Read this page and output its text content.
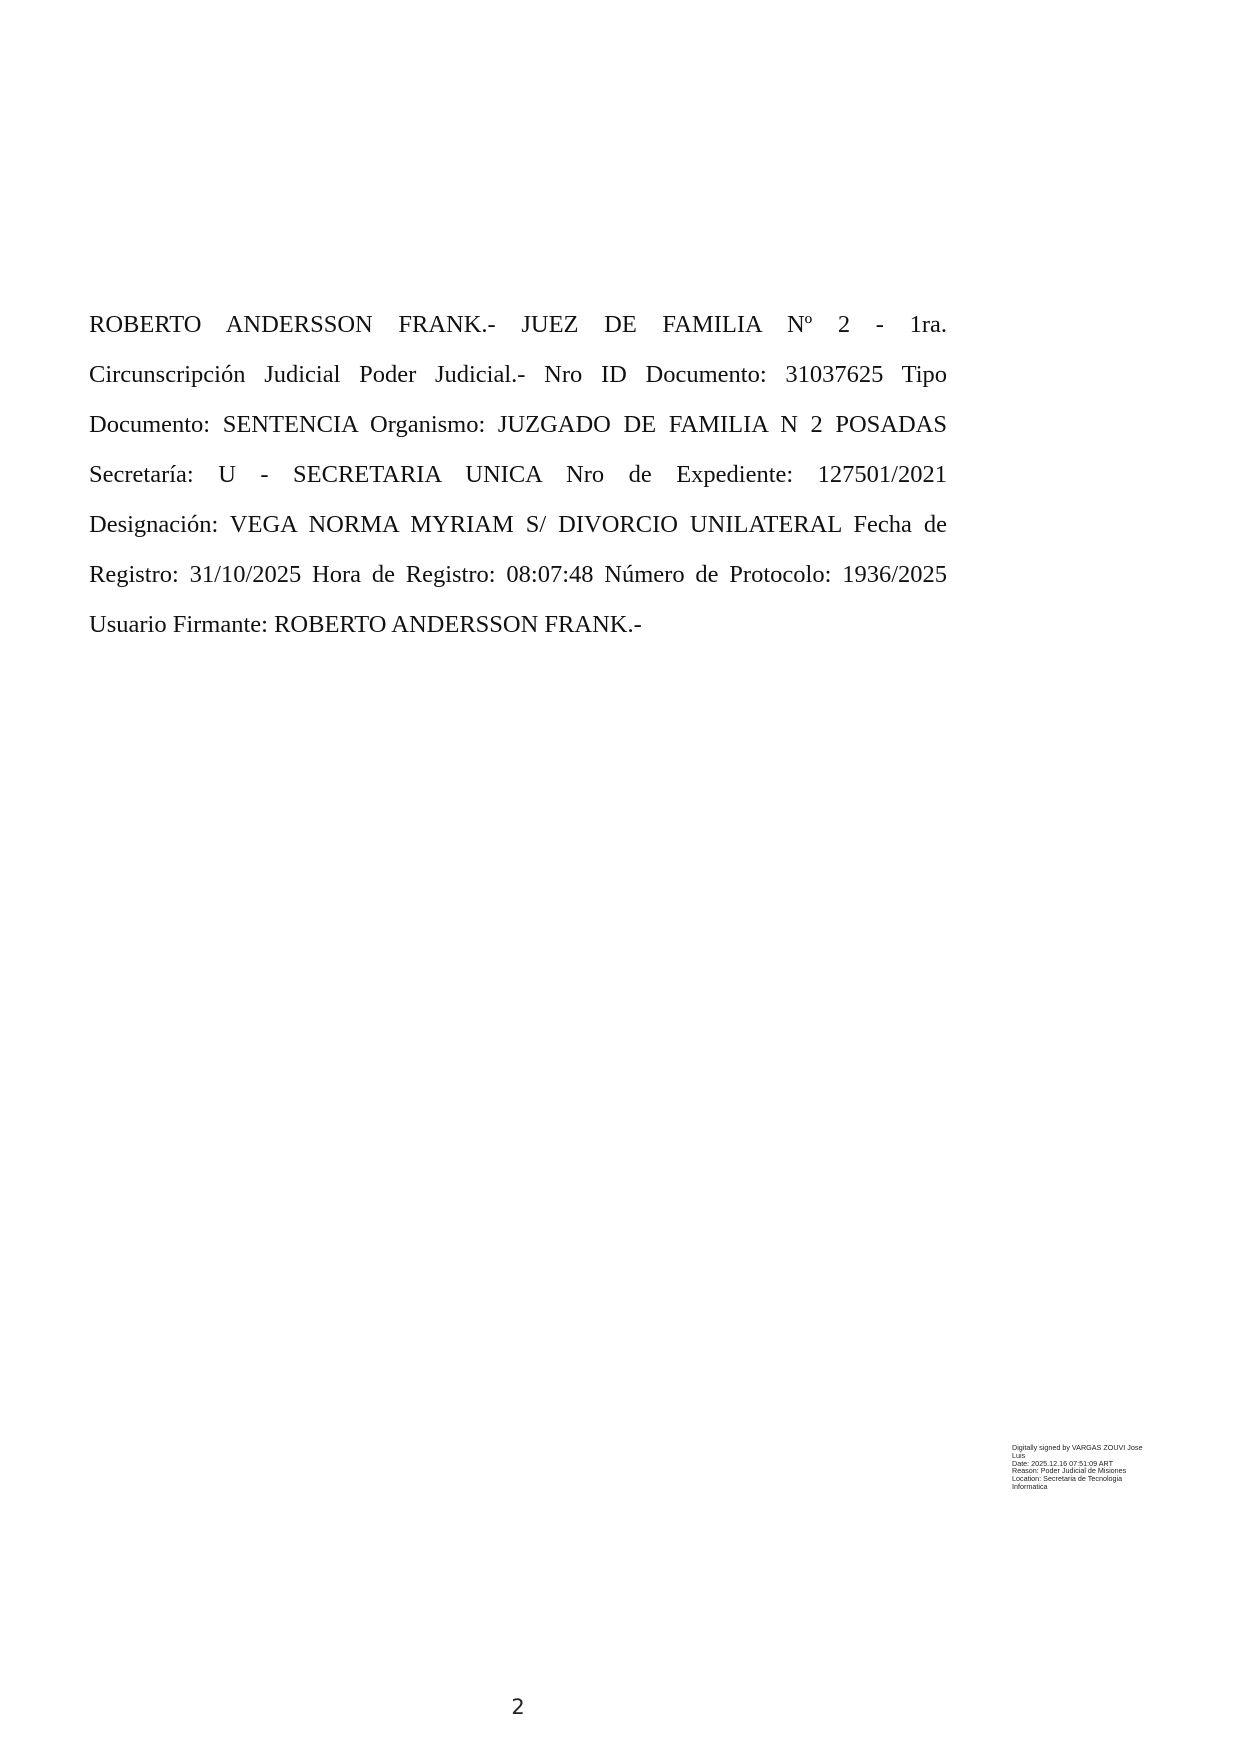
ROBERTO ANDERSSON FRANK.- JUEZ DE FAMILIA Nº 2 - 1ra.
Circunscripción Judicial Poder Judicial.- Nro ID Documento: 31037625 Tipo
Documento: SENTENCIA Organismo: JUZGADO DE FAMILIA N 2 POSADAS
Secretaría: U - SECRETARIA UNICA Nro de Expediente: 127501/2021
Designación: VEGA NORMA MYRIAM S/ DIVORCIO UNILATERAL Fecha de
Registro: 31/10/2025 Hora de Registro: 08:07:48 Número de Protocolo: 1936/2025
Usuario Firmante: ROBERTO ANDERSSON FRANK.-
Digitally signed by VARGAS ZOUVI Jose
Luis
Date: 2025.12.16 07:51:09 ART
Reason: Poder Judicial de Misiones
Location: Secretaria de Tecnologia
Informatica
2
